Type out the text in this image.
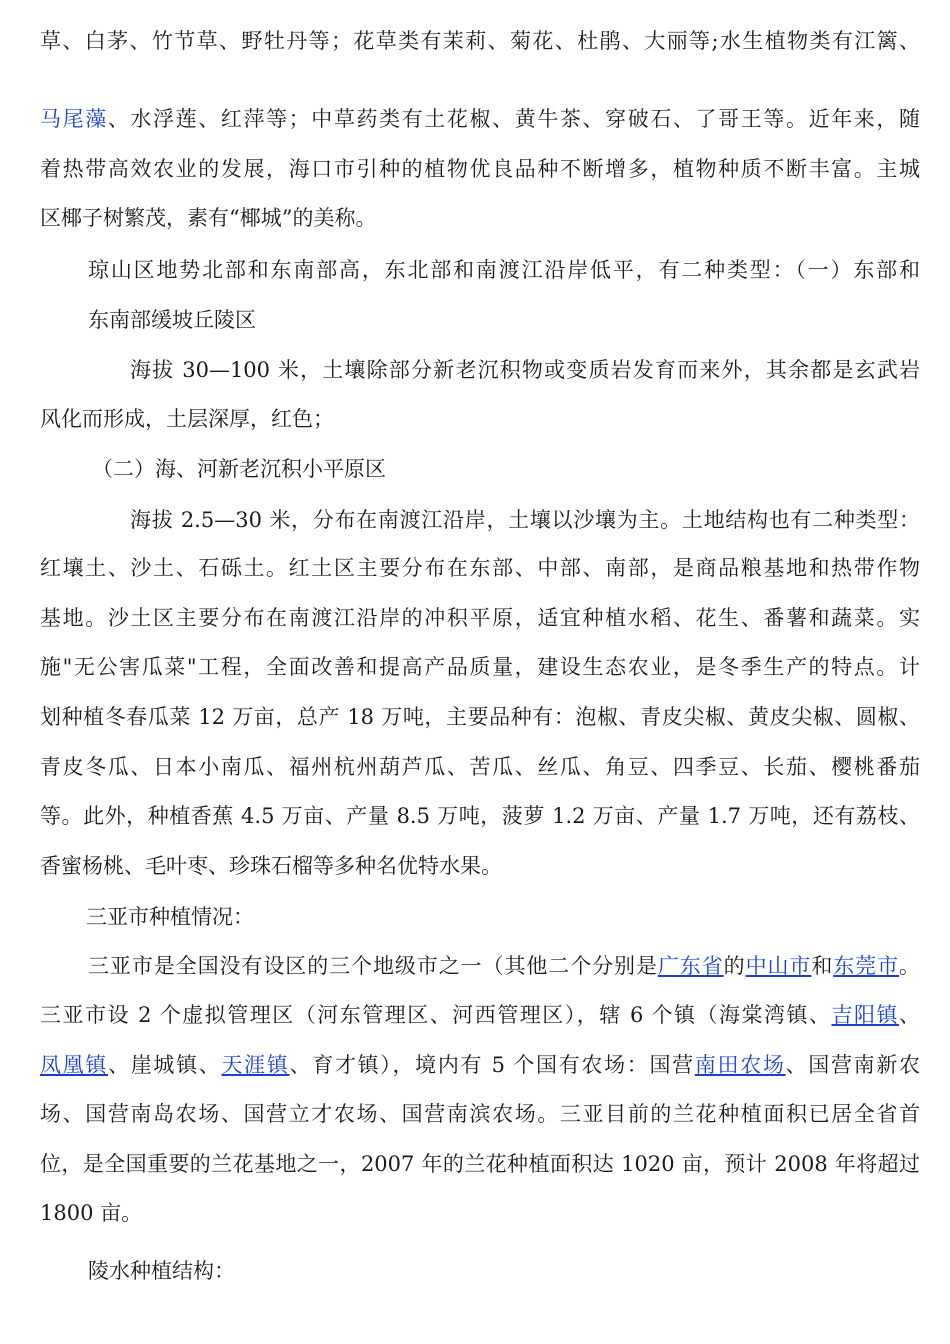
草、白茅、竹节草、野牡丹等；花草类有茉莉、菊花、杜鹃、大丽等;水生植物类有江篱、
马尾藻、水浮莲、红萍等；中草药类有土花椒、黄牛茶、穿破石、了哥王等。近年来，随
着热带高效农业的发展，海口市引种的植物优良品种不断增多，植物种质不断丰富。主城
区椰子树繁茂，素有“椰城”的美称。
琼山区地势北部和东南部高，东北部和南渡江沿岸低平，有二种类型：（一）东部和
东南部缓坡丘陵区
海拔 30—100 米，土壤除部分新老沉积物或变质岩发育而来外，其余都是玄武岩
风化而形成，土层深厚，红色；
（二）海、河新老沉积小平原区
海拔 2.5—30 米，分布在南渡江沿岸，土壤以沙壤为主。土地结构也有二种类型：
红壤土、沙土、石砾土。红土区主要分布在东部、中部、南部，是商品粮基地和热带作物
基地。沙土区主要分布在南渡江沿岸的冲积平原，适宜种植水稻、花生、番薯和蔬菜。实
施"无公害瓜菜"工程，全面改善和提高产品质量，建设生态农业，是冬季生产的特点。计
划种植冬春瓜菜 12 万亩，总产 18 万吨，主要品种有：泡椒、青皮尖椒、黄皮尖椒、圆椒、
青皮冬瓜、日本小南瓜、福州杭州葫芦瓜、苦瓜、丝瓜、角豆、四季豆、长茄、樱桃番茄
等。此外，种植香蕉 4.5 万亩、产量 8.5 万吨，菠萝 1.2 万亩、产量 1.7 万吨，还有荔枝、
香蜜杨桃、毛叶枣、珍珠石榴等多种名优特水果。
三亚市种植情况：
三亚市是全国没有设区的三个地级市之一（其他二个分别是广东省的中山市和东莞市。
三亚市设 2 个虚拟管理区（河东管理区、河西管理区），辖 6 个镇（海棠湾镇、吉阳镇、
凤凰镇、崖城镇、天涯镇、育才镇），境内有 5 个国有农场：国营南田农场、国营南新农
场、国营南岛农场、国营立才农场、国营南滨农场。三亚目前的兰花种植面积已居全省首
位，是全国重要的兰花基地之一，2007 年的兰花种植面积达 1020 亩，预计 2008 年将超过
1800 亩。
陵水种植结构：
